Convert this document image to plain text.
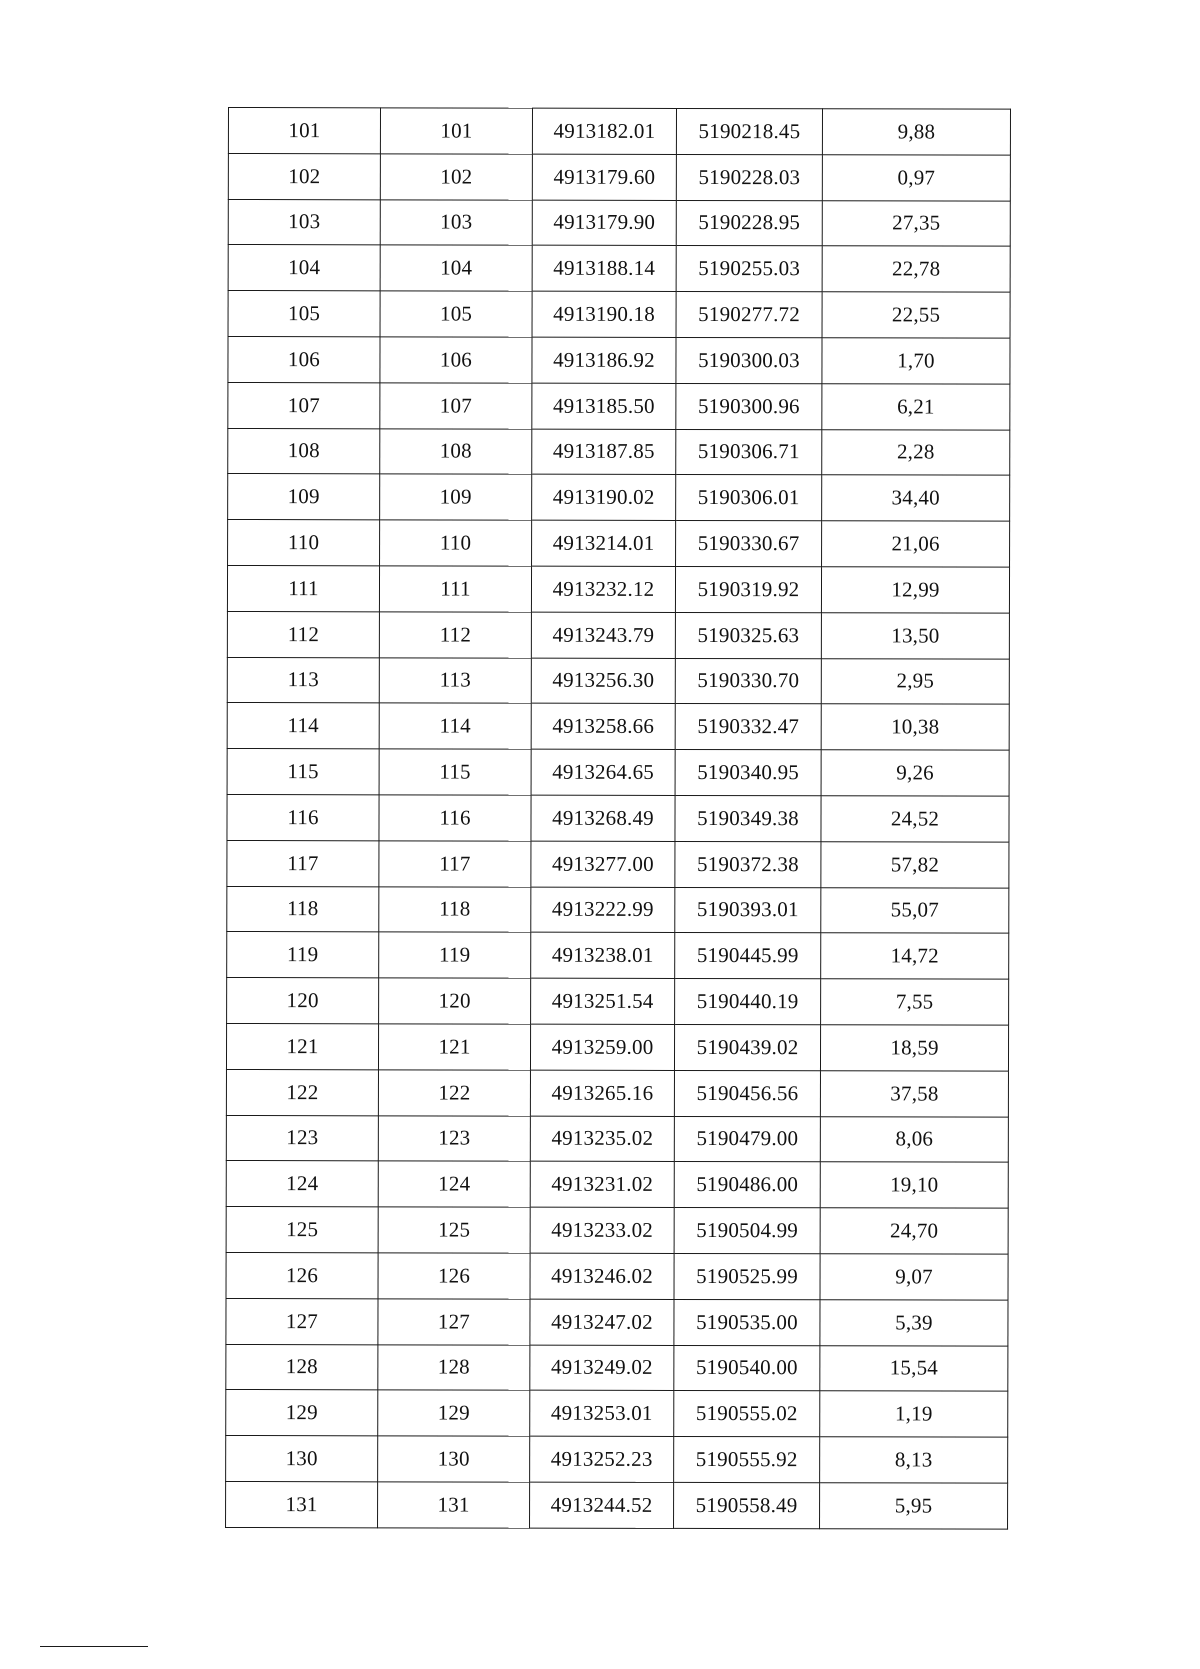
101	101	4913182.01	5190218.45	9,88
102	102	4913179.60	5190228.03	0,97
103	103	4913179.90	5190228.95	27,35
104	104	4913188.14	5190255.03	22,78
105	105	4913190.18	5190277.72	22,55
106	106	4913186.92	5190300.03	1,70
107	107	4913185.50	5190300.96	6,21
108	108	4913187.85	5190306.71	2,28
109	109	4913190.02	5190306.01	34,40
110	110	4913214.01	5190330.67	21,06
111	111	4913232.12	5190319.92	12,99
112	112	4913243.79	5190325.63	13,50
113	113	4913256.30	5190330.70	2,95
114	114	4913258.66	5190332.47	10,38
115	115	4913264.65	5190340.95	9,26
116	116	4913268.49	5190349.38	24,52
117	117	4913277.00	5190372.38	57,82
118	118	4913222.99	5190393.01	55,07
119	119	4913238.01	5190445.99	14,72
120	120	4913251.54	5190440.19	7,55
121	121	4913259.00	5190439.02	18,59
122	122	4913265.16	5190456.56	37,58
123	123	4913235.02	5190479.00	8,06
124	124	4913231.02	5190486.00	19,10
125	125	4913233.02	5190504.99	24,70
126	126	4913246.02	5190525.99	9,07
127	127	4913247.02	5190535.00	5,39
128	128	4913249.02	5190540.00	15,54
129	129	4913253.01	5190555.02	1,19
130	130	4913252.23	5190555.92	8,13
131	131	4913244.52	5190558.49	5,95
